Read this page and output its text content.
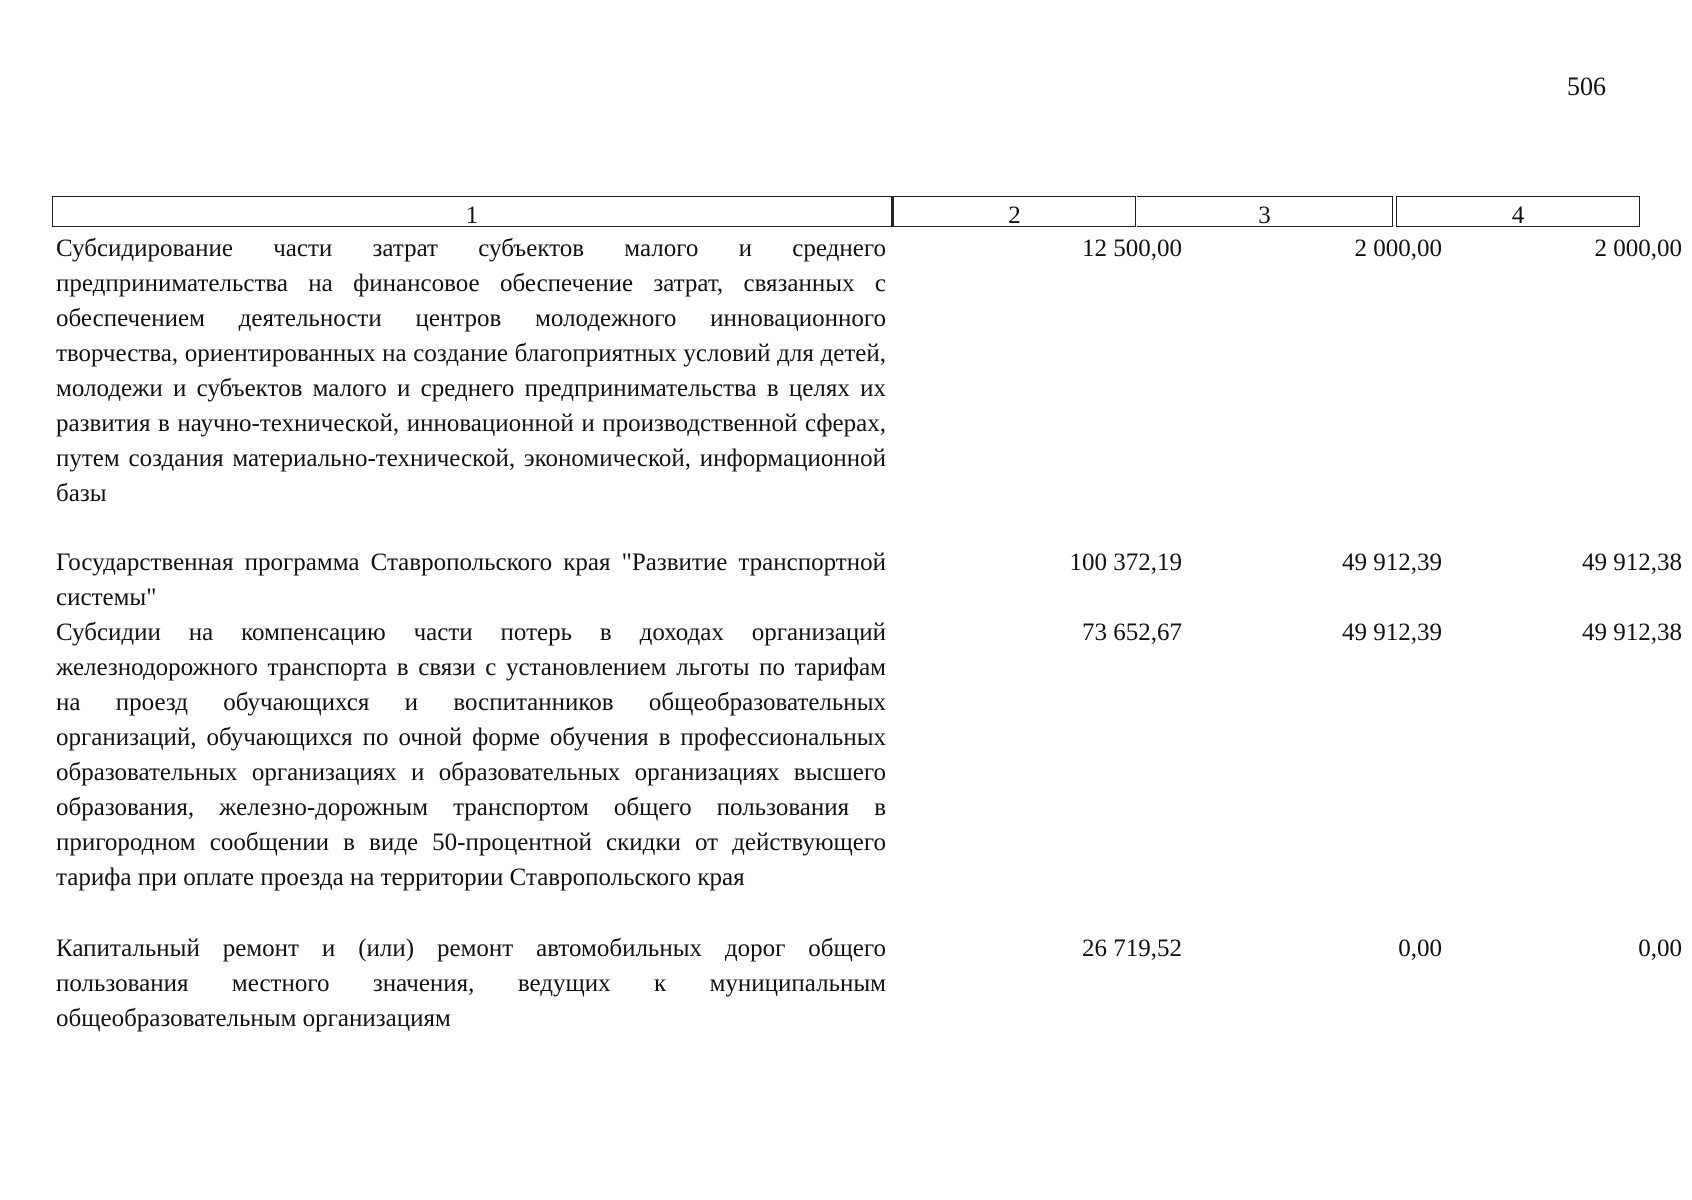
506
1	2	3	4
Субсидирование части затрат субъектов малого и среднего предпринимательства на финансовое обеспечение затрат, связанных с обеспечением деятельности центров молодежного инновационного творчества, ориентированных на создание благоприятных условий для детей, молодежи и субъектов малого и среднего предпринимательства в целях их развития в научно-технической, инновационной и производственной сферах, путем создания материально-технической, экономической, информационной базы
12 500,00	2 000,00	2 000,00
Государственная программа Ставропольского края "Развитие транспортной системы"
100 372,19	49 912,39	49 912,38
Субсидии на компенсацию части потерь в доходах организаций железнодорожного транспорта в связи с установлением льготы по тарифам на проезд обучающихся и воспитанников общеобразовательных организаций, обучающихся по очной форме обучения в профессиональных образовательных организациях и образовательных организациях высшего образования, железно-дорожным транспортом общего пользования в пригородном сообщении в виде 50-процентной скидки от действующего тарифа при оплате проезда на территории Ставропольского края
73 652,67	49 912,39	49 912,38
Капитальный ремонт и (или) ремонт автомобильных дорог общего пользования местного значения, ведущих к муниципальным общеобразовательным организациям
26 719,52	0,00	0,00
